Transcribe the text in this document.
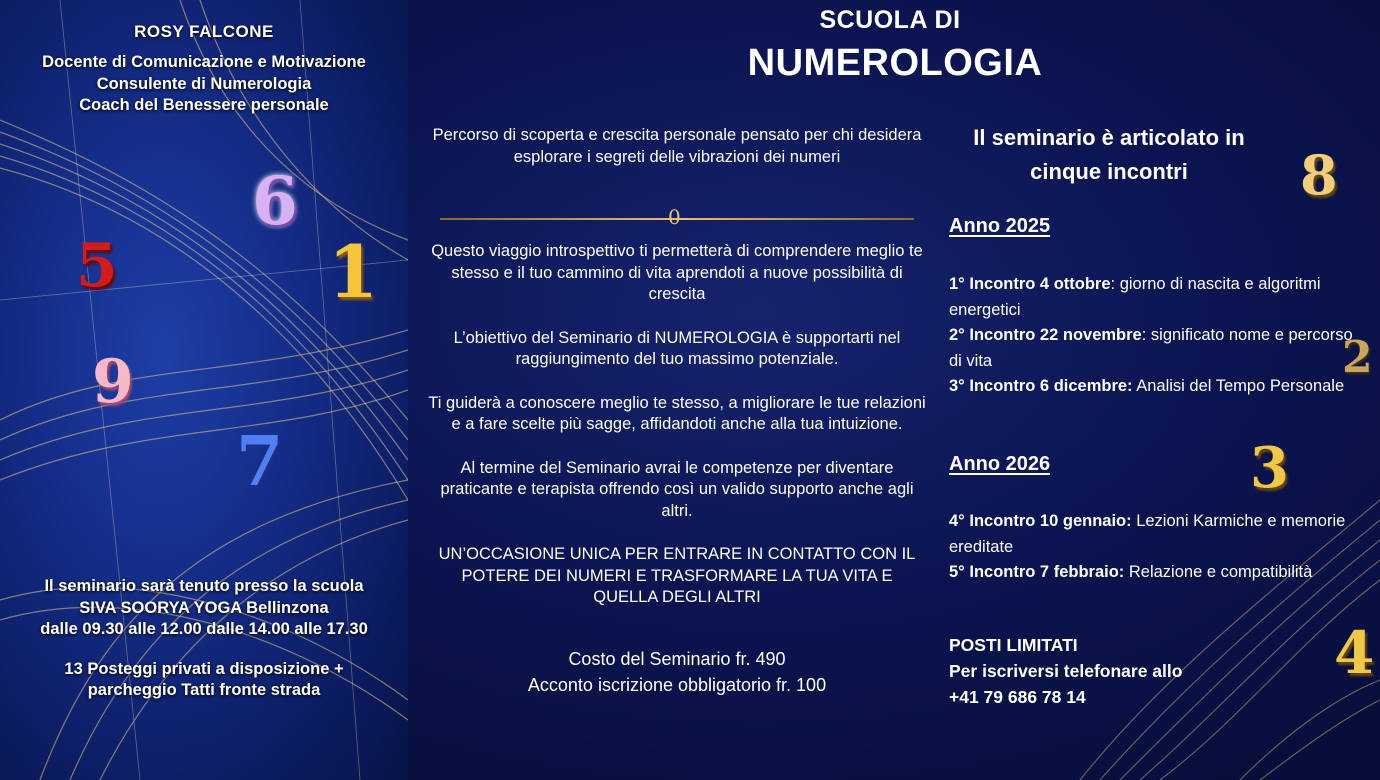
ROSY FALCONE
Docente di Comunicazione e Motivazione
Consulente di Numerologia
Coach del Benessere personale
6
5	1
9
7
Il seminario sarà tenuto presso la scuola
SIVA SOORYA YOGA Bellinzona
dalle 09.30 alle 12.00 dalle 14.00 alle 17.30
13 Posteggi privati a disposizione +
parcheggio Tatti fronte strada
SCUOLA DI
NUMEROLOGIA
Percorso di scoperta e crescita personale pensato per chi desidera esplorare i segreti delle vibrazioni dei numeri
0

Questo viaggio introspettivo ti permetterà di comprendere meglio te stesso e il tuo cammino di vita aprendoti a nuove possibilità di crescita

L’obiettivo del Seminario di NUMEROLOGIA è supportarti nel raggiungimento del tuo massimo potenziale.

Ti guiderà a conoscere meglio te stesso, a migliorare le tue relazioni e a fare scelte più sagge, affidandoti anche alla tua intuizione.

Al termine del Seminario avrai le competenze per diventare praticante e terapista offrendo così un valido supporto anche agli altri.

UN’OCCASIONE UNICA PER ENTRARE IN CONTATTO CON IL POTERE DEI NUMERI E TRASFORMARE LA TUA VITA E QUELLA DEGLI ALTRI

Costo del Seminario fr. 490
Acconto iscrizione obbligatorio fr. 100
Il seminario è articolato in
cinque incontri
Anno 2025

1° Incontro 4 ottobre: giorno di nascita e algoritmi energetici

2° Incontro 22 novembre: significato nome e percorso di vita

3° Incontro 6 dicembre: Analisi del Tempo Personale

Anno 2026

4° Incontro 10 gennaio: Lezioni Karmiche e memorie ereditate

5° Incontro 7 febbraio: Relazione e compatibilità

POSTI LIMITATI
Per iscriversi telefonare allo
+41 79 686 78 14
8
2
3
4
